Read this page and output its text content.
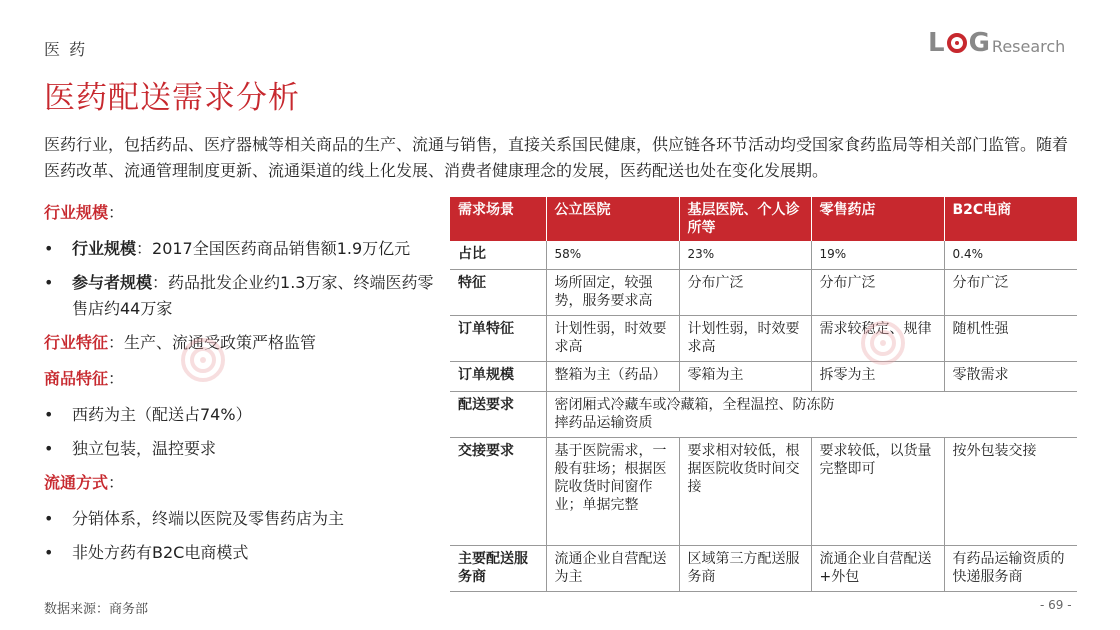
医 药	L G Research
医药配送需求分析
医药行业，包括药品、医疗器械等相关商品的生产、流通与销售，直接关系国民健康，供应链各环节活动均受国家食药监局等相关部门监管。随着医药改革、流通管理制度更新、流通渠道的线上化发展、消费者健康理念的发展，医药配送也处在变化发展期。
行业规模：
• 行业规模：2017全国医药商品销售额1.9万亿元
• 参与者规模：药品批发企业约1.3万家、终端医药零售店约44万家
行业特征：生产、流通受政策严格监管
商品特征：
• 西药为主（配送占74%）
• 独立包装，温控要求
流通方式：
• 分销体系，终端以医院及零售药店为主
• 非处方药有B2C电商模式
需求场景	公立医院	基层医院、个人诊所等	零售药店	B2C电商
占比	58%	23%	19%	0.4%
特征	场所固定，较强势，服务要求高	分布广泛	分布广泛	分布广泛
订单特征	计划性弱，时效要求高	计划性弱，时效要求高	需求较稳定、规律	随机性强
订单规模	整箱为主（药品）	零箱为主	拆零为主	零散需求
配送要求	密闭厢式冷藏车或冷藏箱，全程温控、防冻防摔药品运输资质			

交接要求	基于医院需求，一般有驻场；根据医院收货时间窗作业；单据完整	要求相对较低，根据医院收货时间交接	要求较低，以货量完整即可	按外包装交接
主要配送服务商	流通企业自营配送为主	区域第三方配送服务商	流通企业自营配送+外包	有药品运输资质的快递服务商
数据来源：商务部	- 69 -
